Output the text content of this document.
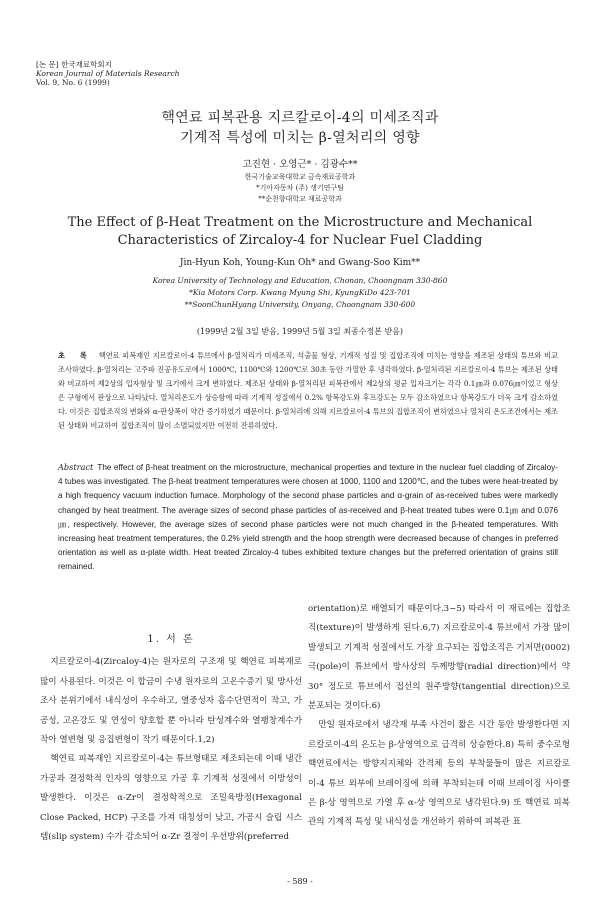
[논 문] 한국재료학회지
Korean Journal of Materials Research
Vol. 9, No. 6 (1999)
핵연료 피복관용 지르칼로이-4의 미세조직과
기계적 특성에 미치는 β-열처리의 영향
고진현 · 오영근* · 김광수**
한국기술교육대학교 금속재료공학과
*기아자동차 (주) 생기연구팀
**순천향대학교 재료공학과
The Effect of β-Heat Treatment on the Microstructure and Mechanical
Characteristics of Zircaloy-4 for Nuclear Fuel Cladding
Jin-Hyun Koh, Young-Kun Oh* and Gwang-Soo Kim**
Korea University of Technology and Education, Chonan, Choongnam 330-860
*Kia Motors Corp. Kwang Myung Shi, KyungKiDo 423-701
**SoonChunHyang University, Onyang, Choongnam 330-600
(1999년 2월 3일 받음, 1999년 5월 3일 최종수정본 받음)
초 록 핵연료 피복재인 지르칼로이-4 튜브에서 β-열처리가 미세조직, 석출물 형상, 기계적 성질 및 집합조직에 미치는 영향을 제조된 상태의 튜브와 비교 조사하였다. β-열처리는 고주파 진공유도로에서 1000℃, 1100℃와 1200℃로 30초 동안 가열한 후 냉각하였다. β-열처리된 지르칼로이-4 튜브는 제조된 상태와 비교하여 제2상의 입자형상 및 크기에서 크게 변하였다. 제조된 상태와 β-열처리된 피복관에서 제2상의 평균 입자크기는 각각 0.1㎛과 0.076㎛이었고 형상은 구형에서 판상으로 나타났다. 열처리온도가 상승함에 따라 기계적 성질에서 0.2% 항복강도와 후프강도는 모두 감소하였으나 항복강도가 더욱 크게 감소하였다. 이것은 집합조직의 변화와 α-판상폭이 약간 증가하였기 때문이다. β-열처리에 의해 지르칼로이-4 튜브의 집합조직이 변하였으나 열처리 온도조건에서는 제조된 상태와 비교하여 집합조직이 많이 소멸되었지만 여전히 잔류하였다.
Abstract The effect of β-heat treatment on the microstructure, mechanical properties and texture in the nuclear fuel cladding of Zircaloy-4 tubes was investigated. The β-heat treatment temperatures were chosen at 1000, 1100 and 1200℃, and the tubes were heat-treated by a high frequency vacuum induction furnace. Morphology of the second phase particles and α-grain of as-received tubes were markedly changed by heat treatment. The average sizes of second phase particles of as-received and β-heat treated tubes were 0.1㎛ and 0.076㎛, respectively. However, the average sizes of second phase particles were not much changed in the β-heated temperatures. With increasing heat treatment temperatures, the 0.2% yield strength and the hoop strength were decreased because of changes in preferred orientation as well as α-plate width. Heat treated Zircaloy-4 tubes exhibited texture changes but the preferred orientation of grains still remained.
1. 서 론

지르칼로이-4(Zircaloy-4)는 원자로의 구조재 및 핵연료 피복재로 많이 사용된다. 이것은 이 합금이 수냉 원자로의 고온수증기 및 방사선 조사 분위기에서 내식성이 우수하고, 열중성자 흡수단면적이 작고, 가공성, 고온강도 및 연성이 양호할 뿐 아니라 탄성계수와 열팽창계수가 작아 열변형 및 응집변형이 작기 때문이다.1,2)

핵연료 피복재인 지르칼로이-4는 튜브형태로 제조되는데 이때 냉간가공과 결정학적 인자의 영향으로 가공 후 기계적 성질에서 이방성이 발생한다. 이것은 α-Zr이 결정학적으로 조밀육방정(Hexagonal Close Packed, HCP) 구조를 가져 대칭성이 낮고, 가공시 슬립 시스템(slip system) 수가 감소되어 α-Zr 결정이 우선방위(preferred

orientation)로 배열되기 때문이다.3~5) 따라서 이 재료에는 집합조직(texture)이 발생하게 된다.6,7) 지르칼로이-4 튜브에서 가장 많이 발생되고 기계적 성질에서도 가장 요구되는 집합조직은 기저면(0002)극(pole)이 튜브에서 방사상의 두께방향(radial direction)에서 약 30° 정도로 튜브에서 접선의 원주방향(tangential direction)으로 분포되는 것이다.6)

만일 원자로에서 냉각재 부족 사건이 짧은 시간 동안 발생한다면 지르칼로이-4의 온도는 β-상영역으로 급격히 상승한다.8) 특히 중수로형 핵연료에서는 방향지지체와 간격체 등의 부착물들이 많은 지르칼로이-4 튜브 외부에 브레이징에 의해 부착되는데 이때 브레이징 사이클은 β-상 영역으로 가열 후 α-상 영역으로 냉각된다.9) 또 핵연료 피복관의 기계적 특성 및 내식성을 개선하기 위하여 피복관 표

- 589 -
